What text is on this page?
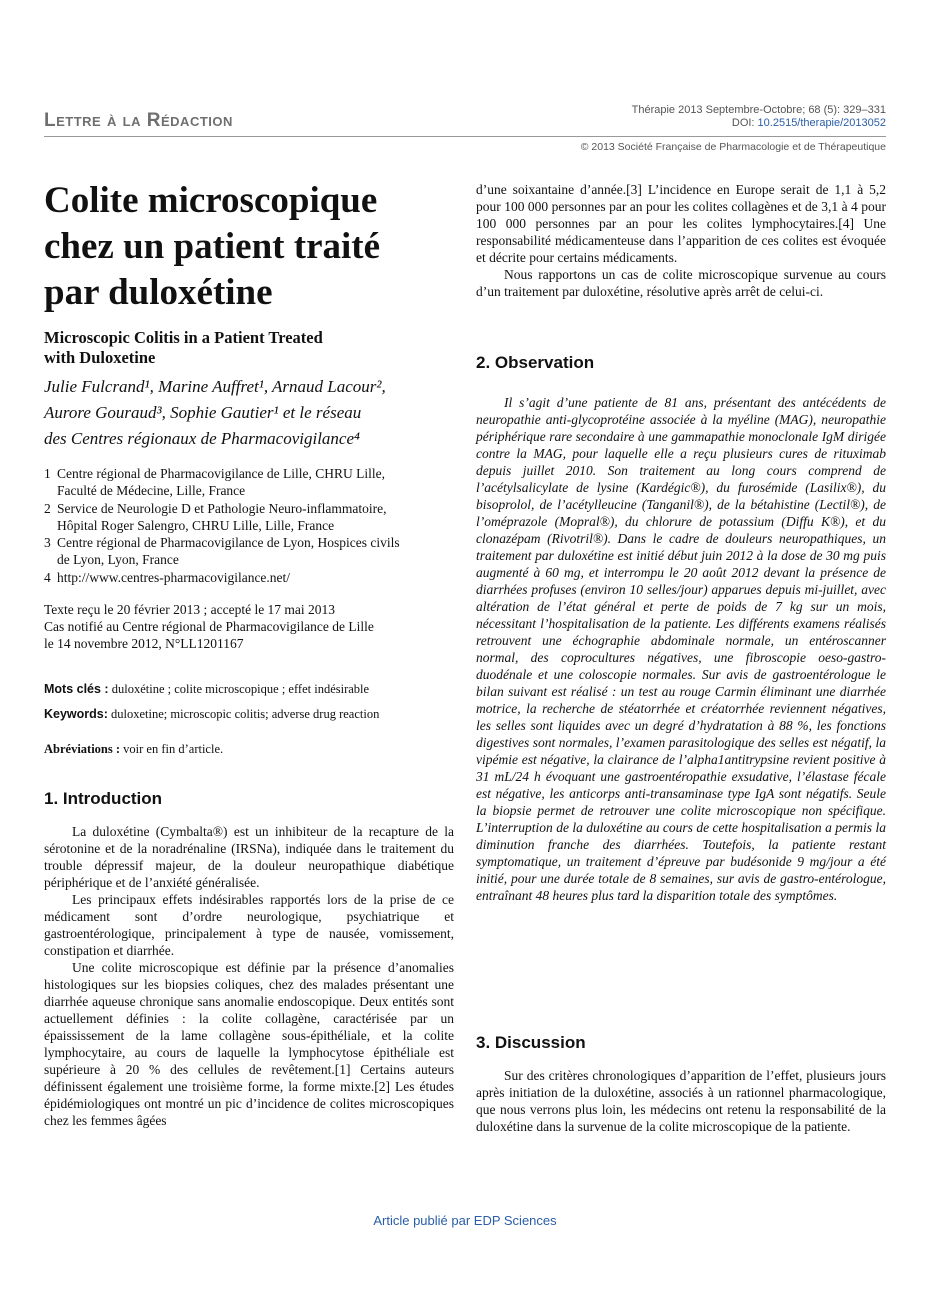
Lettre à la Rédaction	Thérapie 2013 Septembre-Octobre; 68 (5): 329–331
DOI: 10.2515/therapie/2013052
© 2013 Société Française de Pharmacologie et de Thérapeutique
Colite microscopique
chez un patient traité
par duloxétine
Microscopic Colitis in a Patient Treated
with Duloxetine
Julie Fulcrand¹, Marine Auffret¹, Arnaud Lacour²,
Aurore Gouraud³, Sophie Gautier¹ et le réseau
des Centres régionaux de Pharmacovigilance⁴
1 Centre régional de Pharmacovigilance de Lille, CHRU Lille,
Faculté de Médecine, Lille, France
2 Service de Neurologie D et Pathologie Neuro-inflammatoire,
Hôpital Roger Salengro, CHRU Lille, Lille, France
3 Centre régional de Pharmacovigilance de Lyon, Hospices civils
de Lyon, Lyon, France
4 http://www.centres-pharmacovigilance.net/
Texte reçu le 20 février 2013 ; accepté le 17 mai 2013
Cas notifié au Centre régional de Pharmacovigilance de Lille
le 14 novembre 2012, N°LL1201167
Mots clés : duloxétine ; colite microscopique ; effet indésirable
Keywords: duloxetine; microscopic colitis; adverse drug reaction
Abréviations : voir en fin d’article.
1. Introduction

La duloxétine (Cymbalta®) est un inhibiteur de la recapture de la sérotonine et de la noradrénaline (IRSNa), indiquée dans le traitement du trouble dépressif majeur, de la douleur neuropathique diabétique périphérique et de l’anxiété généralisée.

Les principaux effets indésirables rapportés lors de la prise de ce médicament sont d’ordre neurologique, psychiatrique et gastroentérologique, principalement à type de nausée, vomissement, constipation et diarrhée.

Une colite microscopique est définie par la présence d’anomalies histologiques sur les biopsies coliques, chez des malades présentant une diarrhée aqueuse chronique sans anomalie endoscopique. Deux entités sont actuellement définies : la colite collagène, caractérisée par un épaississement de la lame collagène sous-épithéliale, et la colite lymphocytaire, au cours de laquelle la lymphocytose épithéliale est supérieure à 20 % des cellules de revêtement.[1] Certains auteurs définissent également une troisième forme, la forme mixte.[2] Les études épidémiologiques ont montré un pic d’incidence de colites microscopiques chez les femmes âgées

d’une soixantaine d’année.[3] L’incidence en Europe serait de 1,1 à 5,2 pour 100 000 personnes par an pour les colites collagènes et de 3,1 à 4 pour 100 000 personnes par an pour les colites lymphocytaires.[4] Une responsabilité médicamenteuse dans l’apparition de ces colites est évoquée et décrite pour certains médicaments.

Nous rapportons un cas de colite microscopique survenue au cours d’un traitement par duloxétine, résolutive après arrêt de celui-ci.

2. Observation

Il s’agit d’une patiente de 81 ans, présentant des antécédents de neuropathie anti-glycoprotéine associée à la myéline (MAG), neuropathie périphérique rare secondaire à une gammapathie monoclonale IgM dirigée contre la MAG, pour laquelle elle a reçu plusieurs cures de rituximab depuis juillet 2010. Son traitement au long cours comprend de l’acétylsalicylate de lysine (Kardégic®), du furosémide (Lasilix®), du bisoprolol, de l’acétylleucine (Tanganil®), de la bétahistine (Lectil®), de l’oméprazole (Mopral®), du chlorure de potassium (Diffu K®), et du clonazépam (Rivotril®). Dans le cadre de douleurs neuropathiques, un traitement par duloxétine est initié début juin 2012 à la dose de 30 mg puis augmenté à 60 mg, et interrompu le 20 août 2012 devant la présence de diarrhées profuses (environ 10 selles/jour) apparues depuis mi-juillet, avec altération de l’état général et perte de poids de 7 kg sur un mois, nécessitant l’hospitalisation de la patiente. Les différents examens réalisés retrouvent une échographie abdominale normale, un entéroscanner normal, des coprocultures négatives, une fibroscopie oeso-gastro-duodénale et une coloscopie normales. Sur avis de gastroentérologue le bilan suivant est réalisé : un test au rouge Carmin éliminant une diarrhée motrice, la recherche de stéatorrhée et créatorrhée reviennent négatives, les selles sont liquides avec un degré d’hydratation à 88 %, les fonctions digestives sont normales, l’examen parasitologique des selles est négatif, la vipémie est négative, la clairance de l’alpha1antitrypsine revient positive à 31 mL/24 h évoquant une gastroentéropathie exsudative, l’élastase fécale est négative, les anticorps anti-transaminase type IgA sont négatifs. Seule la biopsie permet de retrouver une colite microscopique non spécifique. L’interruption de la duloxétine au cours de cette hospitalisation a permis la diminution franche des diarrhées. Toutefois, la patiente restant symptomatique, un traitement d’épreuve par budésonide 9 mg/jour a été initié, pour une durée totale de 8 semaines, sur avis de gastro-entérologue, entraînant 48 heures plus tard la disparition totale des symptômes.

3. Discussion

Sur des critères chronologiques d’apparition de l’effet, plusieurs jours après initiation de la duloxétine, associés à un rationnel pharmacologique, que nous verrons plus loin, les médecins ont retenu la responsabilité de la duloxétine dans la survenue de la colite microscopique de la patiente.

Article publié par EDP Sciences
